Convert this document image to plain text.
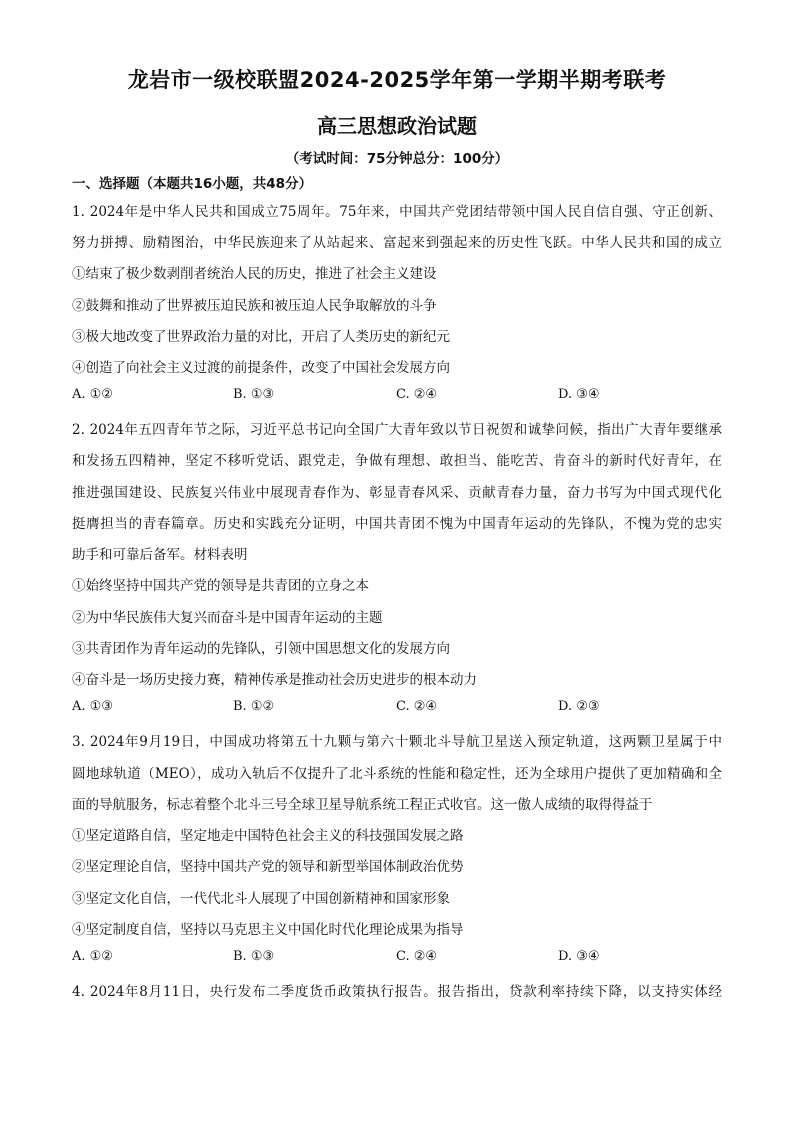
龙岩市一级校联盟2024-2025学年第一学期半期考联考
高三思想政治试题
（考试时间：75分钟总分：100分）
一、选择题（本题共16小题，共48分）
1. 2024年是中华人民共和国成立75周年。75年来，中国共产党团结带领中国人民自信自强、守正创新、
努力拼搏、励精图治，中华民族迎来了从站起来、富起来到强起来的历史性飞跃。中华人民共和国的成立
①结束了极少数剥削者统治人民的历史，推进了社会主义建设
②鼓舞和推动了世界被压迫民族和被压迫人民争取解放的斗争
③极大地改变了世界政治力量的对比，开启了人类历史的新纪元
④创造了向社会主义过渡的前提条件，改变了中国社会发展方向
A. ①②	B. ①③	C. ②④	D. ③④
2. 2024年五四青年节之际，习近平总书记向全国广大青年致以节日祝贺和诚挚问候，指出广大青年要继承
和发扬五四精神，坚定不移听党话、跟党走，争做有理想、敢担当、能吃苦、肯奋斗的新时代好青年，在
推进强国建设、民族复兴伟业中展现青春作为、彰显青春风采、贡献青春力量，奋力书写为中国式现代化
挺膺担当的青春篇章。历史和实践充分证明，中国共青团不愧为中国青年运动的先锋队，不愧为党的忠实
助手和可靠后备军。材料表明
①始终坚持中国共产党的领导是共青团的立身之本
②为中华民族伟大复兴而奋斗是中国青年运动的主题
③共青团作为青年运动的先锋队，引领中国思想文化的发展方向
④奋斗是一场历史接力赛，精神传承是推动社会历史进步的根本动力
A. ①③	B. ①②	C. ②④	D. ②③
3. 2024年9月19日，中国成功将第五十九颗与第六十颗北斗导航卫星送入预定轨道，这两颗卫星属于中
圆地球轨道（MEO），成功入轨后不仅提升了北斗系统的性能和稳定性，还为全球用户提供了更加精确和全
面的导航服务，标志着整个北斗三号全球卫星导航系统工程正式收官。这一傲人成绩的取得得益于
①坚定道路自信，坚定地走中国特色社会主义的科技强国发展之路
②坚定理论自信，坚持中国共产党的领导和新型举国体制政治优势
③坚定文化自信，一代代北斗人展现了中国创新精神和国家形象
④坚定制度自信，坚持以马克思主义中国化时代化理论成果为指导
A. ①②	B. ①③	C. ②④	D. ③④
4. 2024年8月11日，央行发布二季度货币政策执行报告。报告指出，贷款利率持续下降，以支持实体经
